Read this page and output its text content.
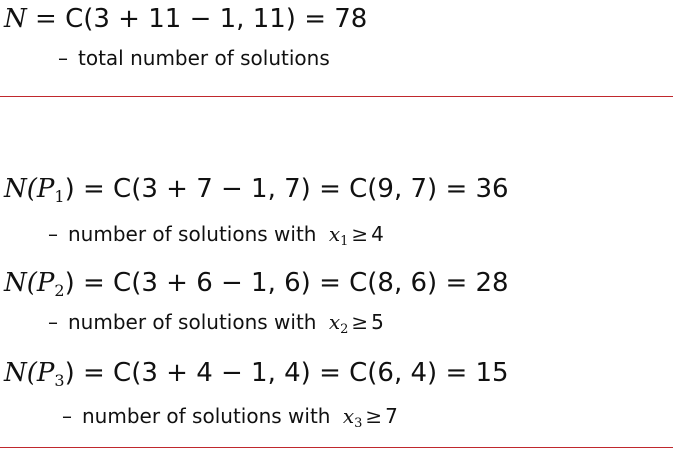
N = C(3 + 11 − 1, 11) = 78
– total number of solutions
$N(P_1) = C(3 + 7 - 1$, 7) = C(9, 7) = 36
– number of solutions with $x_1 \ge 4$
$N(P_2) = C(3 + 6 - 1$, 6) = C(8, 6) = 28
– number of solutions with $x_2 \ge 5$
$N(P_3) = C(3 + 4 - 1$, 4) = C(6, 4) = 15
– number of solutions with $x_3 \ge 7$
